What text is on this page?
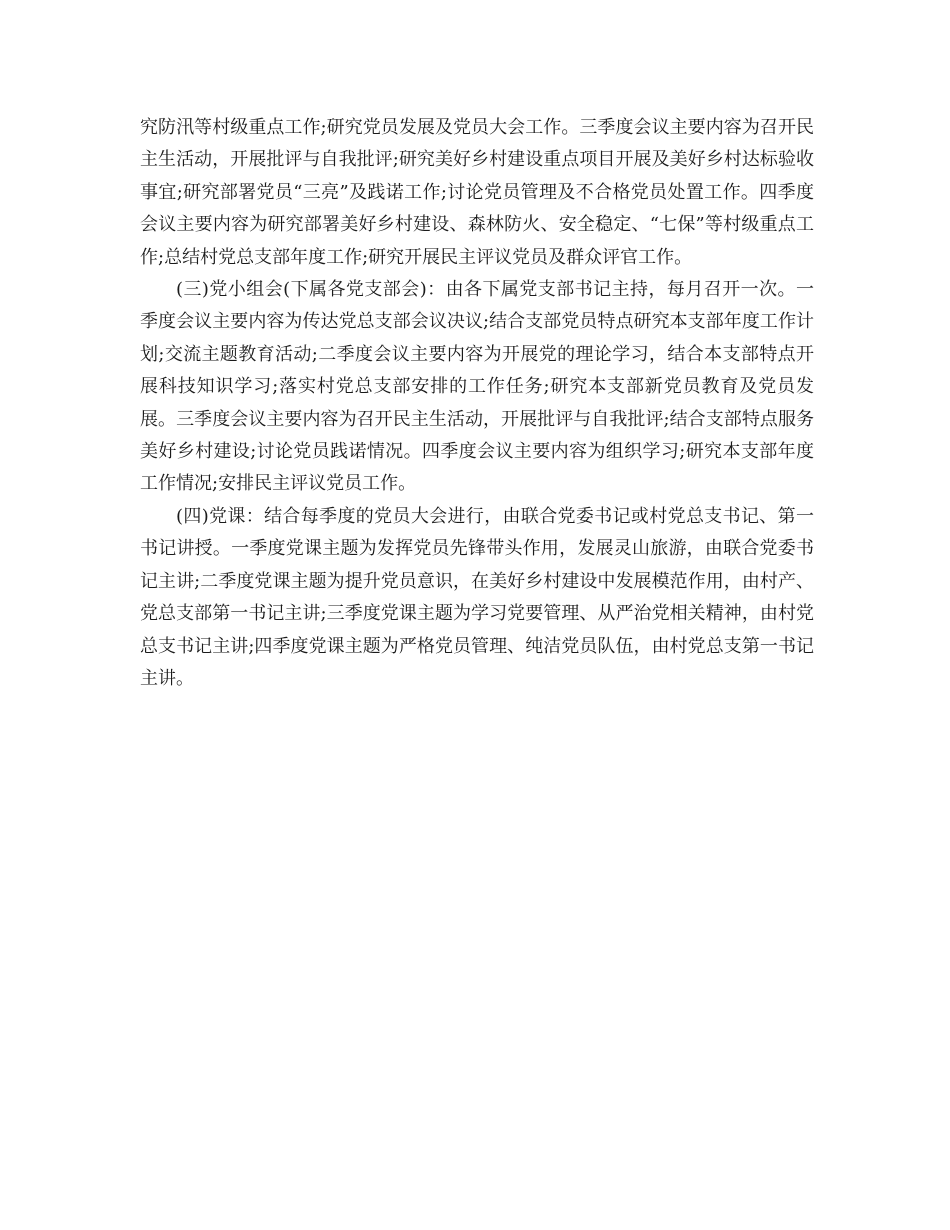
究防汛等村级重点工作;研究党员发展及党员大会工作。三季度会议主要内容为召开民主生活动，开展批评与自我批评;研究美好乡村建设重点项目开展及美好乡村达标验收事宜;研究部署党员“三亮”及践诺工作;讨论党员管理及不合格党员处置工作。四季度会议主要内容为研究部署美好乡村建设、森林防火、安全稳定、“七保”等村级重点工作;总结村党总支部年度工作;研究开展民主评议党员及群众评官工作。

(三)党小组会(下属各党支部会)：由各下属党支部书记主持，每月召开一次。一季度会议主要内容为传达党总支部会议决议;结合支部党员特点研究本支部年度工作计划;交流主题教育活动;二季度会议主要内容为开展党的理论学习，结合本支部特点开展科技知识学习;落实村党总支部安排的工作任务;研究本支部新党员教育及党员发展。三季度会议主要内容为召开民主生活动，开展批评与自我批评;结合支部特点服务美好乡村建设;讨论党员践诺情况。四季度会议主要内容为组织学习;研究本支部年度工作情况;安排民主评议党员工作。

(四)党课：结合每季度的党员大会进行，由联合党委书记或村党总支书记、第一书记讲授。一季度党课主题为发挥党员先锋带头作用，发展灵山旅游，由联合党委书记主讲;二季度党课主题为提升党员意识，在美好乡村建设中发展模范作用，由村产、党总支部第一书记主讲;三季度党课主题为学习党要管理、从严治党相关精神，由村党总支书记主讲;四季度党课主题为严格党员管理、纯洁党员队伍，由村党总支第一书记主讲。
